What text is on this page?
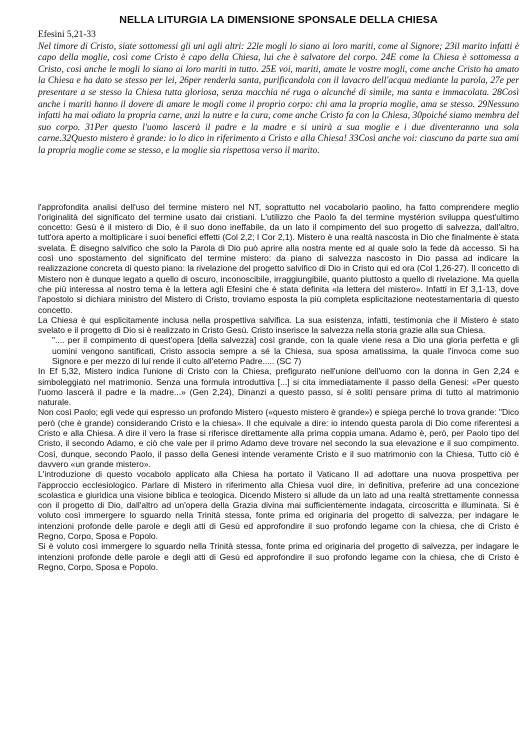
NELLA LITURGIA LA DIMENSIONE SPONSALE DELLA CHIESA

Efesini 5,21-33

Nel timore di Cristo, siate sottomessi gli uni agli altri: 22le mogli lo siano ai loro mariti, come al Signore; 23il marito infatti è capo della moglie, così come Cristo è capo della Chiesa, lui che è salvatore del corpo. 24E come la Chiesa è sottomessa a Cristo, così anche le mogli lo siano ai loro mariti in tutto. 25E voi, mariti, amate le vostre mogli, come anche Cristo ha amato la Chiesa e ha dato se stesso per lei, 26per renderla santa, purificandola con il lavacro dell'acqua mediante la parola, 27e per presentare a se stesso la Chiesa tutta gloriosa, senza macchia né ruga o alcunché di simile, ma santa e immacolata. 28Così anche i mariti hanno il dovere di amare le mogli come il proprio corpo: chi ama la propria moglie, ama se stesso. 29Nessuno infatti ha mai odiato la propria carne, anzi la nutre e la cura, come anche Cristo fa con la Chiesa, 30poiché siamo membra del suo corpo. 31Per questo l'uomo lascerà il padre e la madre e si unirà a sua moglie e i due diventeranno una sola carne.32Questo mistero è grande: io lo dico in riferimento a Cristo e alla Chiesa! 33Così anche voi: ciascuno da parte sua ami la propria moglie come se stesso, e la moglie sia rispettosa verso il marito.

l'approfondita analisi dell'uso del termine mistero nel NT, soprattutto nel vocabolario paolino, ha fatto comprendere meglio l'originalità del significato del termine usato dai cristiani. L'utilizzo che Paolo fa del termine mystérion sviluppa quest'ultimo concetto: Gesù è il mistero di Dio, è il suo dono ineffabile, da un lato il compimento del suo progetto di salvezza, dall'altro, tutt'ora aperto a moltiplicare i suoi benefici effetti (Col 2,2; I Cor 2,1). Mistero è una realtà nascosta in Dio che finalmente è stata svelata. È disegno salvifico che solo la Parola di Dio può aprire alla nostra mente ed al quale solo la fede dà accesso. Si ha così uno spostamento del significato del termine mistero: da piano di salvezza nascosto in Dio passa ad indicare la realizzazione concreta di questo piano: la rivelazione del progetto salvifico di Dio in Cristo qui ed ora (Col 1,26-27). Il concetto di Mistero non è dunque legato a quello di oscuro, inconoscibile, irraggiungibile, quanto piuttosto a quello di rivelazione. Ma quella che più interessa al nostro tema è la lettera agli Efesini che è stata definita «la lettera del mistero». Infatti in Ef 3,1-13, dove l'apostolo si dichiara ministro del Mistero di Cristo, troviamo esposta la più completa esplicitazione neotestamentaria di questo concetto.

La Chiesa è qui esplicitamente inclusa nella prospettiva salvifica. La sua esistenza, infatti, testimonia che il Mistero è stato svelato e il progetto di Dio si è realizzato in Cristo Gesù. Cristo inserisce la salvezza nella storia grazie alla sua Chiesa.

".... per il compimento di quest'opera [della salvezza] così grande, con la quale viene resa a Dio una gloria perfetta e gli uomini vengono santificati, Cristo associa sempre a sé la Chiesa, sua sposa amatissima, la quale l'invoca come suo Signore e per mezzo di lui rende il culto all'eterno Padre..... (SC 7)

In Ef 5,32, Mistero indica l'unione di Cristo con la Chiesa, prefigurato nell'unione dell'uomo con la donna in Gen 2,24 e simboleggiato nel matrimonio. Senza una formula introduttiva [...] si cita immediatamente il passo della Genesi: «Per questo l'uomo lascerà il padre e la madre...» (Gen 2,24), Dinanzi a questo passo, si è soliti pensare prima di tutto al matrimonio naturale.

Non così Paolo; egli vede qui espresso un profondo Mistero («questo mistero è grande») e spiega perché lo trova grande: "Dico però (che è grande) considerando Cristo e la chiesa». Il che equivale a dire: io intendo questa parola di Dio come riferentesi a Cristo e alla Chiesa. A dire il vero la frase si riferisce direttamente alla prima coppia umana. Adamo è, però, per Paolo tipo del Cristo, il secondo Adamo, e ciò che vale per il primo Adamo deve trovare nel secondo la sua elevazione e il suo compimento. Così, dunque, secondo Paolo, il passo della Genesi intende veramente Cristo e il suo matrimonio con la Chiesa. Tutto ciò è davvero «un grande mistero».

L'introduzione di questo vocabolo applicato alla Chiesa ha portato il Vaticano II ad adottare una nuova prospettiva per l'approccio ecclesiologico. Parlare di Mistero in riferimento alla Chiesa vuol dire, in definitiva, preferire ad una concezione scolastica e giuridica una visione biblica e teologica. Dicendo Mistero si allude da un lato ad una realtà strettamente connessa con il progetto di Dio, dall'altro ad un'opera della Grazia divina mai sufficientemente indagata, circoscritta e illuminata. Si è voluto così immergere lo sguardo nella Trinità stessa, fonte prima ed originaria del progetto di salvezza, per indagare le intenzioni profonde delle parole e degli atti di Gesù ed approfondire il suo profondo legame con la chiesa, che di Cristo è Regno, Corpo, Sposa e Popolo.

Si è voluto così immergere lo sguardo nella Trinità stessa, fonte prima ed originaria del progetto di salvezza, per indagare le intenzioni profonde delle parole e degli atti di Gesù ed approfondire il suo profondo legame con la chiesa, che di Cristo è Regno, Corpo, Sposa e Popolo.
